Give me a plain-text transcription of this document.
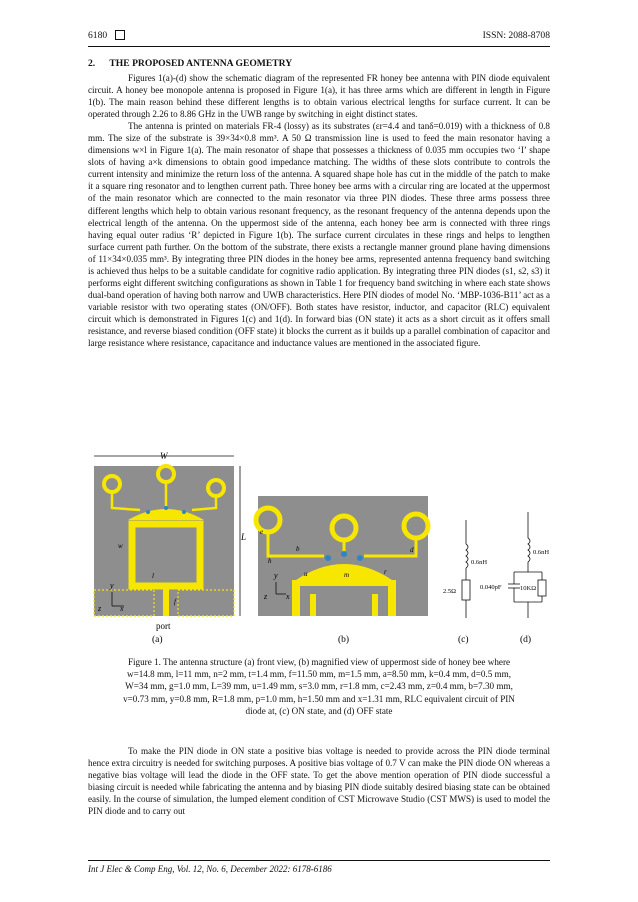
6180	ISSN: 2088-8708
2.      THE PROPOSED ANTENNA GEOMETRY

Figures 1(a)-(d) show the schematic diagram of the represented FR honey bee antenna with PIN diode equivalent circuit. A honey bee monopole antenna is proposed in Figure 1(a), it has three arms which are different in length in Figure 1(b). The main reason behind these different lengths is to obtain various electrical lengths for surface current. It can be operated through 2.26 to 8.86 GHz in the UWB range by switching in eight distinct states.

The antenna is printed on materials FR-4 (lossy) as its substrates (εr=4.4 and tanδ=0.019) with a thickness of 0.8 mm. The size of the substrate is 39×34×0.8 mm³. A 50 Ω transmission line is used to feed the main resonator having a dimensions w×l in Figure 1(a). The main resonator of shape that possesses a thickness of 0.035 mm occupies two ‘I’ shape slots of having a×k dimensions to obtain good impedance matching. The widths of these slots contribute to controls the current intensity and minimize the return loss of the antenna. A squared shape hole has cut in the middle of the patch to make it a square ring resonator and to lengthen current path. Three honey bee arms with a circular ring are located at the uppermost of the main resonator which are connected to the main resonator via three PIN diodes. These three arms possess three different lengths which help to obtain various resonant frequency, as the resonant frequency of the antenna depends upon the electrical length of the antenna. On the uppermost side of the antenna, each honey bee arm is connected with three rings having equal outer radius ‘R’ depicted in Figure 1(b). The surface current circulates in these rings and helps to lengthen surface current path further. On the bottom of the substrate, there exists a rectangle manner ground plane having dimensions of 11×34×0.035 mm³. By integrating three PIN diodes in the honey bee arms, represented antenna frequency band switching is achieved thus helps to be a suitable candidate for cognitive radio application. By integrating three PIN diodes (s1, s2, s3) it performs eight different switching configurations as shown in Table 1 for frequency band switching in where each state shows dual-band operation of having both narrow and UWB characteristics. Here PIN diodes of model No. ‘MBP-1036-B11’ act as a variable resistor with two operating states (ON/OFF). Both states have resistor, inductor, and capacitor (RLC) equivalent circuit which is demonstrated in Figures 1(c) and 1(d). In forward bias (ON state) it acts as a short circuit as it offers small resistance, and reverse biased condition (OFF state) it blocks the current as it builds up a parallel combination of capacitor and large resistance where resistance, capacitance and inductance values are mentioned in the associated figure.

W
L
w
l
f
y
z x
port
b
e
h
u	m
d
r
y
z x
0.6nH
2.5Ω
0.6nH
0.040pF
(a)	(b)	(c)	(d)
10KΩ
Figure 1. The antenna structure (a) front view, (b) magnified view of uppermost side of honey bee where
w=14.8 mm, l=11 mm, n=2 mm, t=1.4 mm, f=11.50 mm, m=1.5 mm, a=8.50 mm, k=0.4 mm, d=0.5 mm,
W=34 mm, g=1.0 mm, L=39 mm, u=1.49 mm, s=3.0 mm, r=1.8 mm, c=2.43 mm, z=0.4 mm, b=7.30 mm,
v=0.73 mm, y=0.8 mm, R=1.8 mm, p=1.0 mm, h=1.50 mm and x=1.31 mm, RLC equivalent circuit of PIN
diode at, (c) ON state, and (d) OFF state

To make the PIN diode in ON state a positive bias voltage is needed to provide across the PIN diode terminal hence extra circuitry is needed for switching purposes. A positive bias voltage of 0.7 V can make the PIN diode ON whereas a negative bias voltage will lead the diode in the OFF state. To get the above mention operation of PIN diode successful a biasing circuit is needed while fabricating the antenna and by biasing PIN diode suitably desired biasing state can be obtained easily. In the course of simulation, the lumped element condition of CST Microwave Studio (CST MWS) is used to model the PIN diode and to carry out

Int J Elec & Comp Eng, Vol. 12, No. 6, December 2022: 6178-6186
